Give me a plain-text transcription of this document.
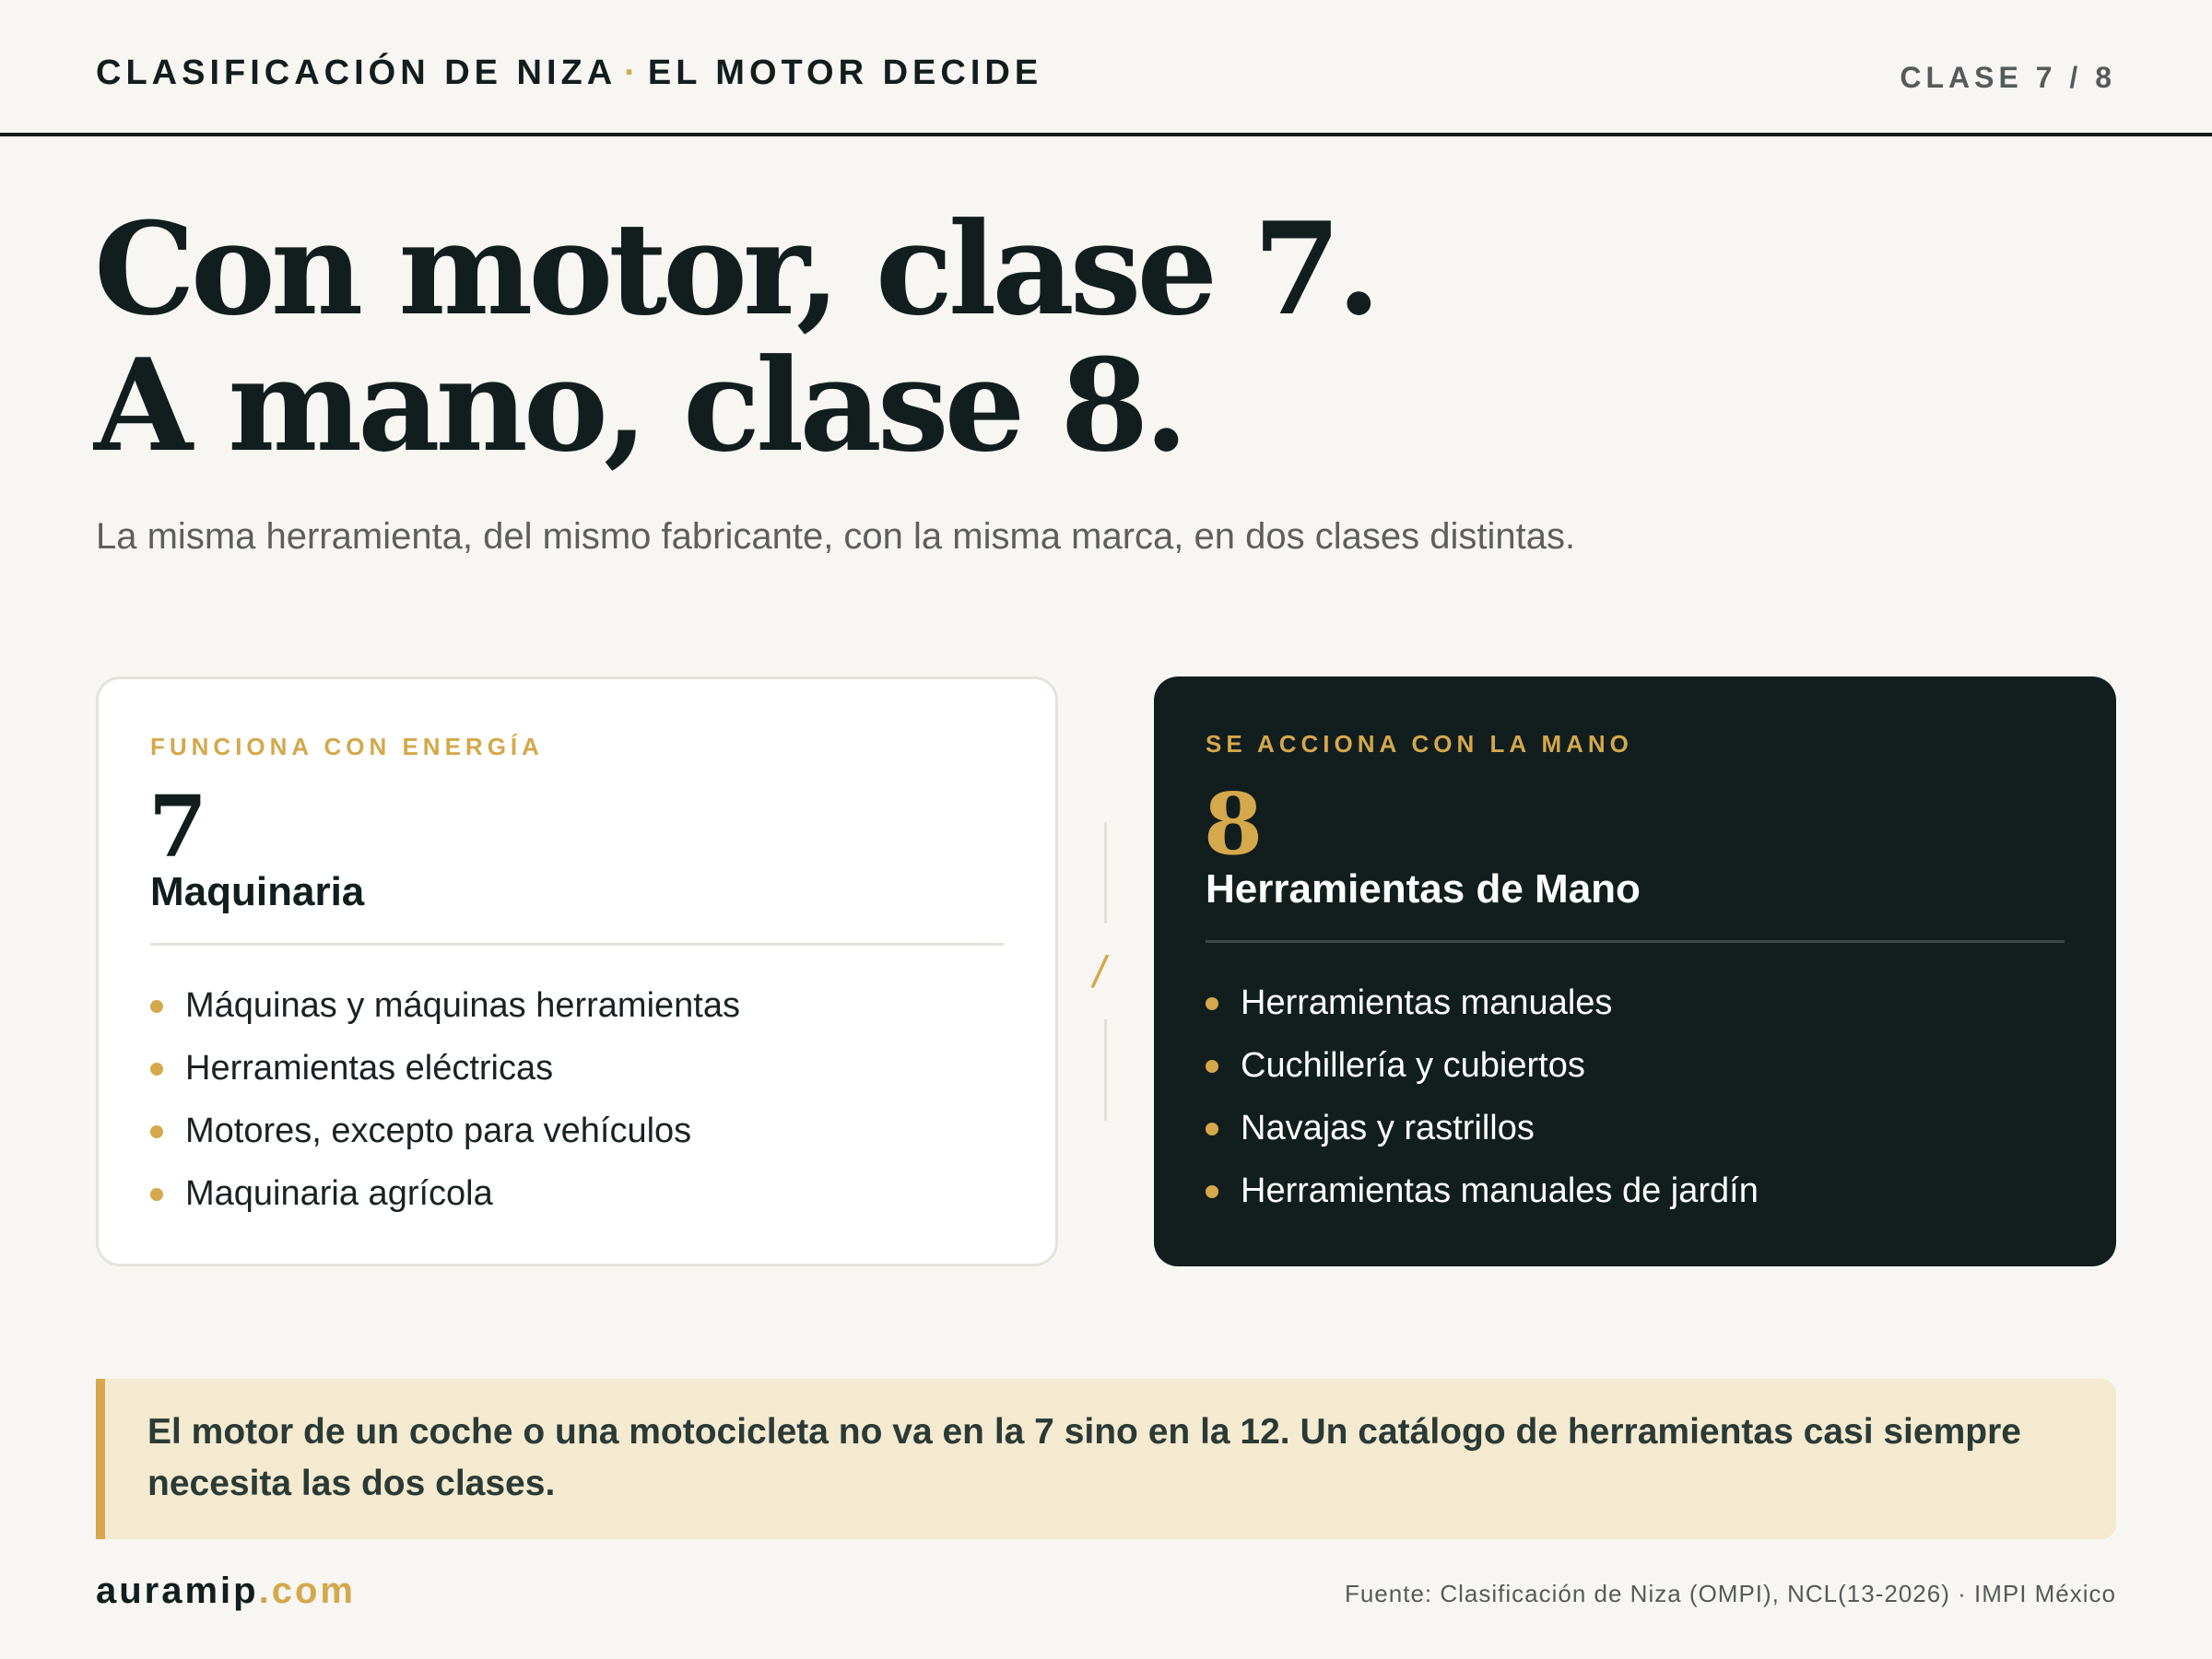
CLASIFICACIÓN DE NIZA · EL MOTOR DECIDE	CLASE 7 / 8
Con motor, clase 7.
A mano, clase 8.

La misma herramienta, del mismo fabricante, con la misma marca, en dos clases distintas.

FUNCIONA CON ENERGÍA
7
Maquinaria
Máquinas y máquinas herramientas
Herramientas eléctricas
Motores, excepto para vehículos
Maquinaria agrícola
/
SE ACCIONA CON LA MANO
8
Herramientas de Mano
Herramientas manuales
Cuchillería y cubiertos
Navajas y rastrillos
Herramientas manuales de jardín
El motor de un coche o una motocicleta no va en la 7 sino en la 12. Un catálogo de herramientas casi siempre necesita las dos clases.
auramip.com	Fuente: Clasificación de Niza (OMPI), NCL(13-2026) · IMPI México
